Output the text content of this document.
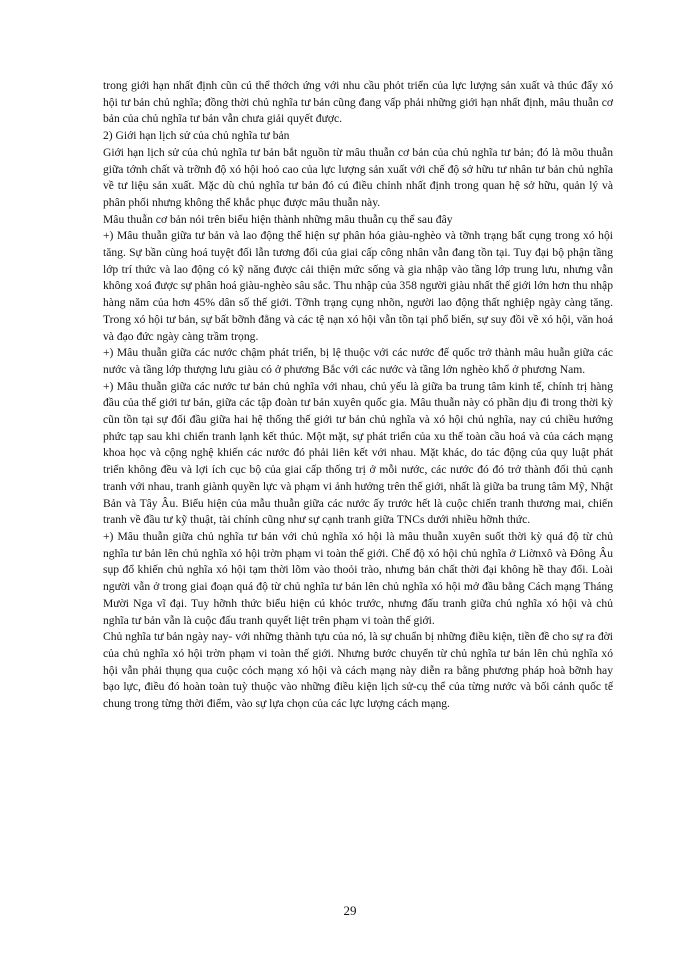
trong giới hạn nhất định cũn cú thể thớch ứng với nhu cầu phỏt triển của lực lượng sản xuất và thúc đẩy xó hội tư bản chủ nghĩa; đồng thời chủ nghĩa tư bản cũng đang vấp phải những giới hạn nhất định, mâu thuẫn cơ bản của chủ nghĩa tư bản vẫn chưa giải quyết được.

2) Giới hạn lịch sử của chủ nghĩa tư bản

Giới hạn lịch sử của chủ nghĩa tư bản bắt nguồn từ mâu thuẫn cơ bản của chủ nghĩa tư bản; đó là mõu thuẫn giữa tớnh chất và trỡnh độ xó hội hoỏ cao của lực lượng sản xuất với chế độ sở hữu tư nhân tư bản chủ nghĩa về tư liệu sản xuất. Mặc dù chủ nghĩa tư bản đó cú điều chỉnh nhất định trong quan hệ sở hữu, quản lý và phân phối nhưng không thể khắc phục được mâu thuẫn này.

Mâu thuẫn cơ bản nói trên biểu hiện thành những mâu thuẫn cụ thể sau đây

+) Mâu thuẫn giữa tư bản và lao động thể hiện sự phân hóa giàu-nghèo và tỡnh trạng bất cụng trong xó hội tăng. Sự bần cùng hoá tuyệt đối lẫn tương đối của giai cấp công nhân vẫn đang tồn tại. Tuy đại bộ phận tầng lớp trí thức và lao động có kỹ năng được cải thiện mức sống và gia nhập vào tầng lớp trung lưu, nhưng vẫn không xoá được sự phân hoá giàu-nghèo sâu sắc. Thu nhập của 358 người giàu nhất thế giới lớn hơn thu nhập hàng năm của hơn 45% dân số thế giới. Tỡnh trạng cụng nhõn, người lao động thất nghiệp ngày càng tăng. Trong xó hội tư bản, sự bất bỡnh đẳng và các tệ nạn xó hội vẫn tồn tại phổ biến, sự suy đồi về xó hội, văn hoá và đạo đức ngày càng trầm trọng.

+) Mâu thuẫn giữa các nước chậm phát triển, bị lệ thuộc với các nước đế quốc trở thành mâu huẫn giữa các nước và tầng lớp thượng lưu giàu có ở phương Bắc với các nước và tầng lớn nghèo khổ ở phương Nam.

+) Mâu thuẫn giữa các nước tư bản chủ nghĩa với nhau, chủ yếu là giữa ba trung tâm kinh tế, chính trị hàng đầu của thế giới tư bản, giữa các tập đoàn tư bản xuyên quốc gia. Mâu thuẫn này có phần dịu đi trong thời kỳ cũn tồn tại sự đối đầu giữa hai hệ thống thế giới tư bản chủ nghĩa và xó hội chủ nghĩa, nay cú chiều hướng phức tạp sau khi chiến tranh lạnh kết thúc. Một mặt, sự phát triển của xu thế toàn cầu hoá và của cách mạng khoa học và cộng nghệ khiến các nước đó phải liên kết với nhau. Mặt khác, do tác động của quy luật phát triển không đều và lợi ích cục bộ của giai cấp thống trị ở mỗi nước, các nước đó đó trở thành đối thủ cạnh tranh với nhau, tranh giành quyền lực và phạm vi ảnh hưởng trên thế giới, nhất là giữa ba trung tâm Mỹ, Nhật Bản và Tây Âu. Biểu hiện của mẫu thuẫn giữa các nước ấy trước hết là cuộc chiến tranh thương mai, chiến tranh về đầu tư kỹ thuật, tài chính cũng như sự cạnh tranh giữa TNCs dưới nhiều hỡnh thức.

+) Mâu thuẫn giữa chủ nghĩa tư bản với chủ nghĩa xó hội là mâu thuẫn xuyên suốt thời kỳ quá độ từ chủ nghĩa tư bản lên chủ nghĩa xó hội trờn phạm vi toàn thế giới. Chế độ xó hội chủ nghĩa ở Liờnxô và Đông Âu sụp đổ khiến chủ nghĩa xó hội tạm thời lõm vào thoỏi trào, nhưng bản chất thời đại không hề thay đổi. Loài người vẫn ở trong giai đoạn quá độ từ chủ nghĩa tư bản lên chủ nghĩa xó hội mở đầu bằng Cách mạng Tháng Mười Nga vĩ đại. Tuy hỡnh thức biểu hiện cú khỏc trước, nhưng đấu tranh giữa chủ nghĩa xó hội và chủ nghĩa tư bản vẫn là cuộc đấu tranh quyết liệt trên phạm vi toàn thế giới.

Chủ nghĩa tư bản ngày nay- với những thành tựu của nó, là sự chuẩn bị những điều kiện, tiền đề cho sự ra đời của chủ nghĩa xó hội trờn phạm vi toàn thế giới. Nhưng bước chuyển từ chủ nghĩa tư bản lên chủ nghĩa xó hội vẫn phải thụng qua cuộc cỏch mạng xó hội và cách mạng này diễn ra bằng phương pháp hoà bỡnh hay bạo lực, điều đó hoàn toàn tuỳ thuộc vào những điều kiện lịch sử-cụ thể của từng nước và bối cảnh quốc tế chung trong từng thời điểm, vào sự lựa chọn của các lực lượng cách mạng.

29
